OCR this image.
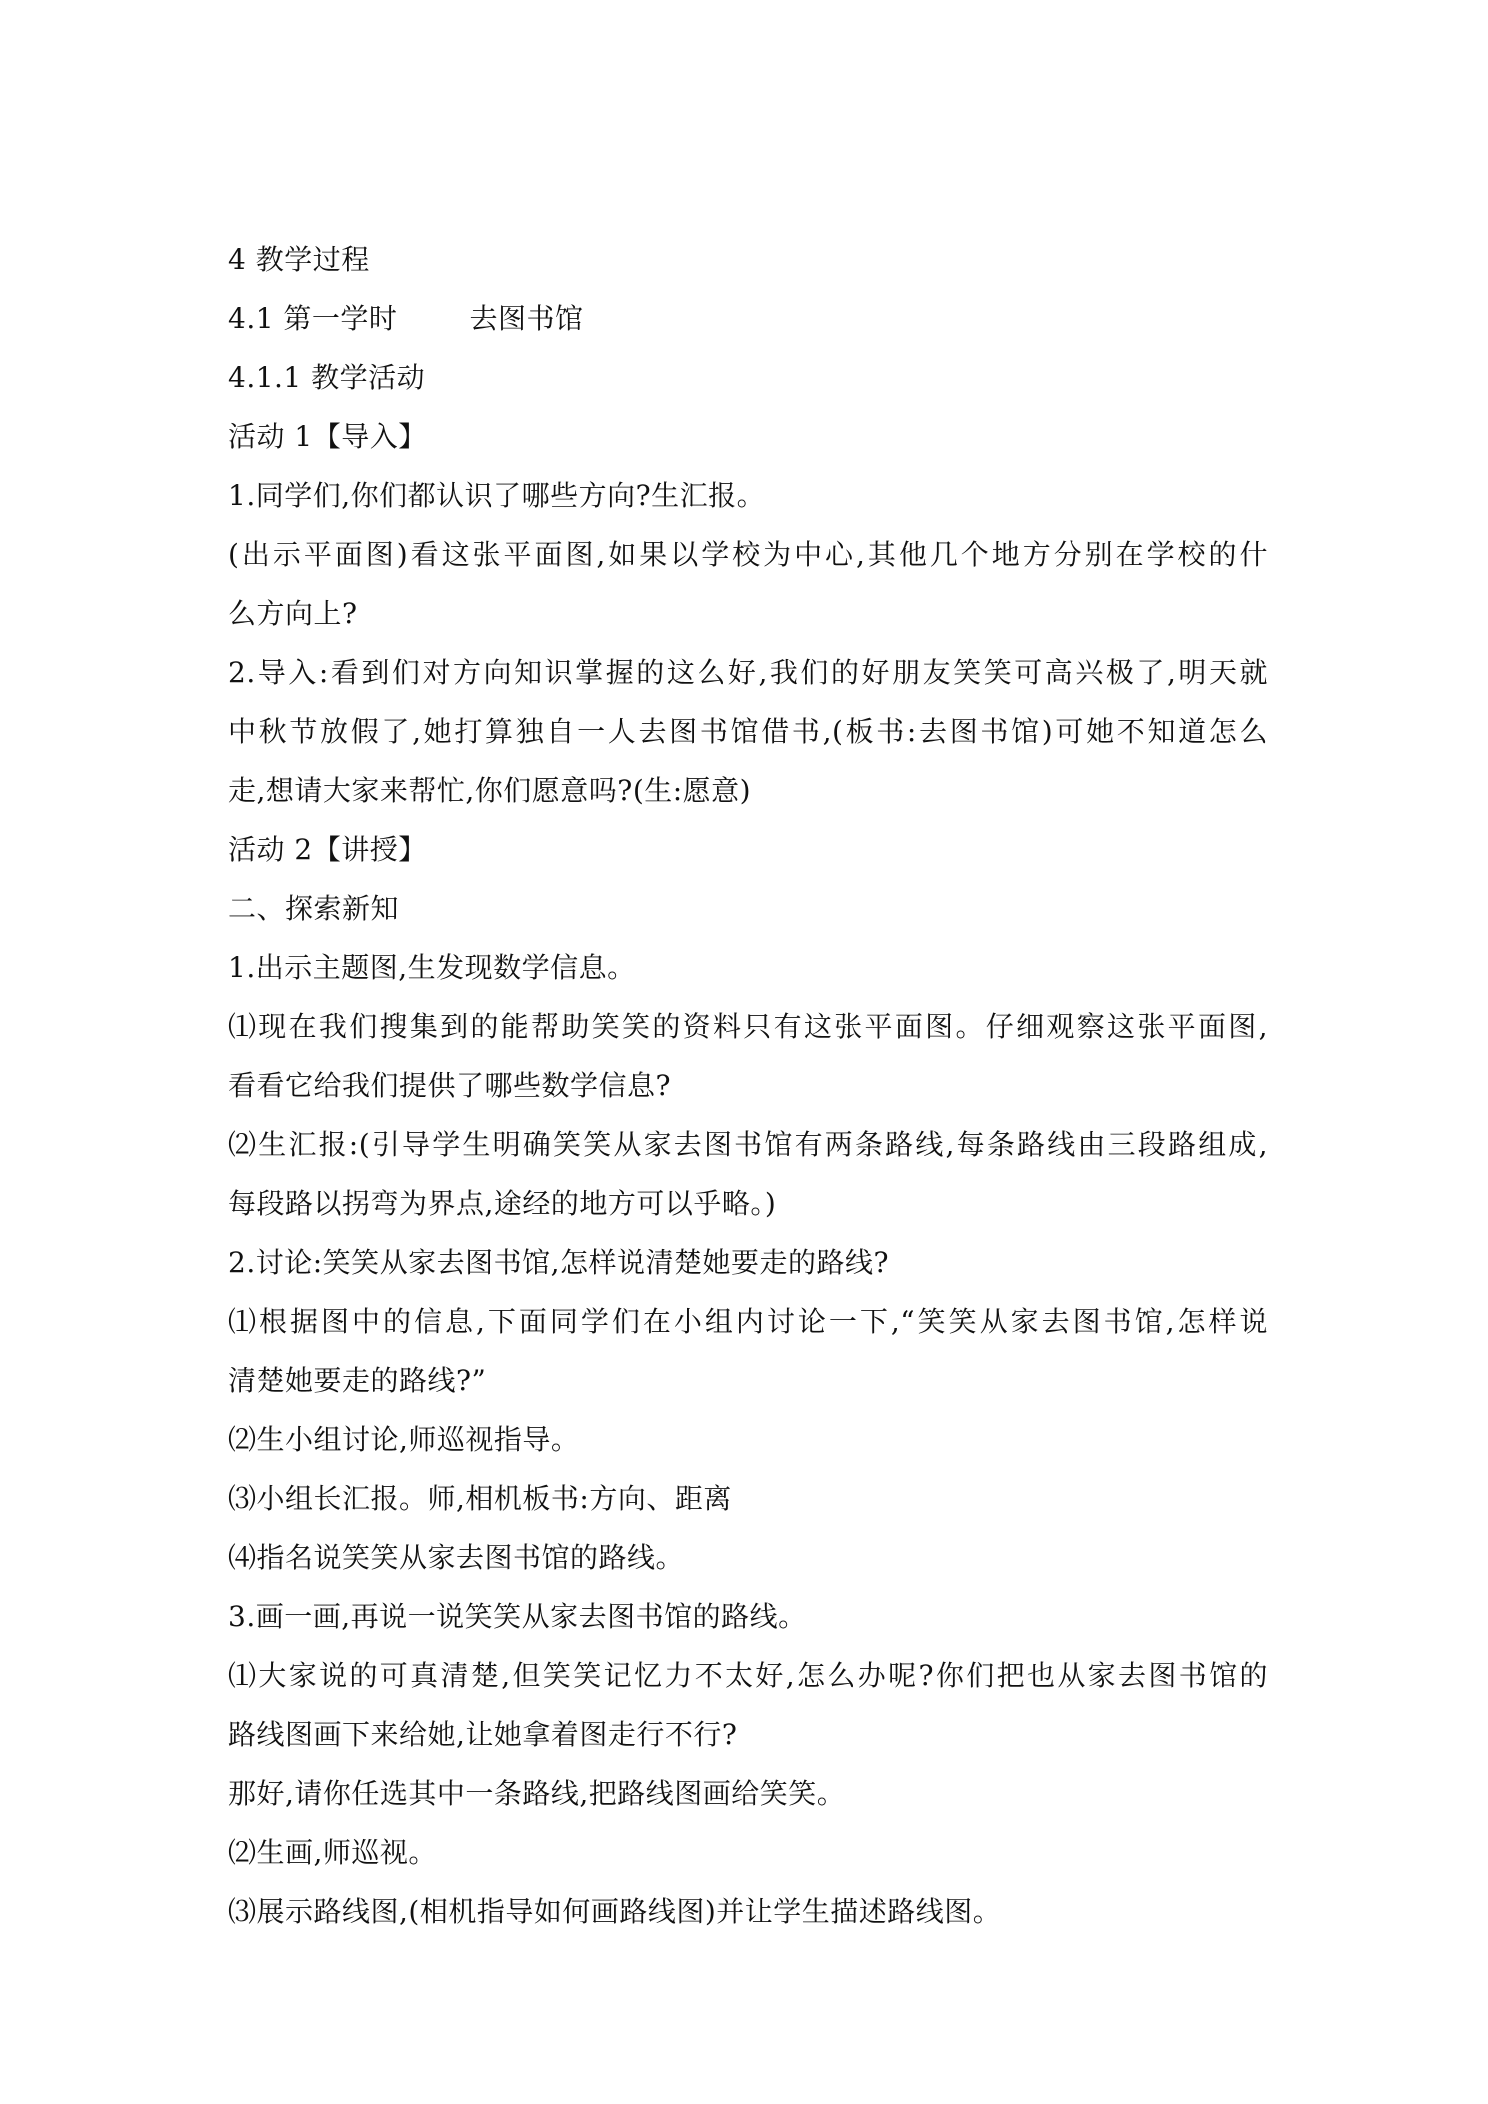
4 教学过程
4.1 第一学时	去图书馆
4.1.1 教学活动
活动 1【导入】
1.同学们,你们都认识了哪些方向?生汇报。
(出示平面图)看这张平面图,如果以学校为中心,其他几个地方分别在学校的什
么方向上?
2.导入:看到们对方向知识掌握的这么好,我们的好朋友笑笑可高兴极了,明天就
中秋节放假了,她打算独自一人去图书馆借书,(板书:去图书馆)可她不知道怎么
走,想请大家来帮忙,你们愿意吗?(生:愿意)
活动 2【讲授】
二、探索新知
1.出示主题图,生发现数学信息。
⑴现在我们搜集到的能帮助笑笑的资料只有这张平面图。仔细观察这张平面图,
看看它给我们提供了哪些数学信息?
⑵生汇报:(引导学生明确笑笑从家去图书馆有两条路线,每条路线由三段路组成,
每段路以拐弯为界点,途经的地方可以乎略。)
2.讨论:笑笑从家去图书馆,怎样说清楚她要走的路线?
⑴根据图中的信息,下面同学们在小组内讨论一下,“笑笑从家去图书馆,怎样说
清楚她要走的路线?”
⑵生小组讨论,师巡视指导。
⑶小组长汇报。师,相机板书:方向、距离
⑷指名说笑笑从家去图书馆的路线。
3.画一画,再说一说笑笑从家去图书馆的路线。
⑴大家说的可真清楚,但笑笑记忆力不太好,怎么办呢?你们把也从家去图书馆的
路线图画下来给她,让她拿着图走行不行?
那好,请你任选其中一条路线,把路线图画给笑笑。
⑵生画,师巡视。
⑶展示路线图,(相机指导如何画路线图)并让学生描述路线图。
